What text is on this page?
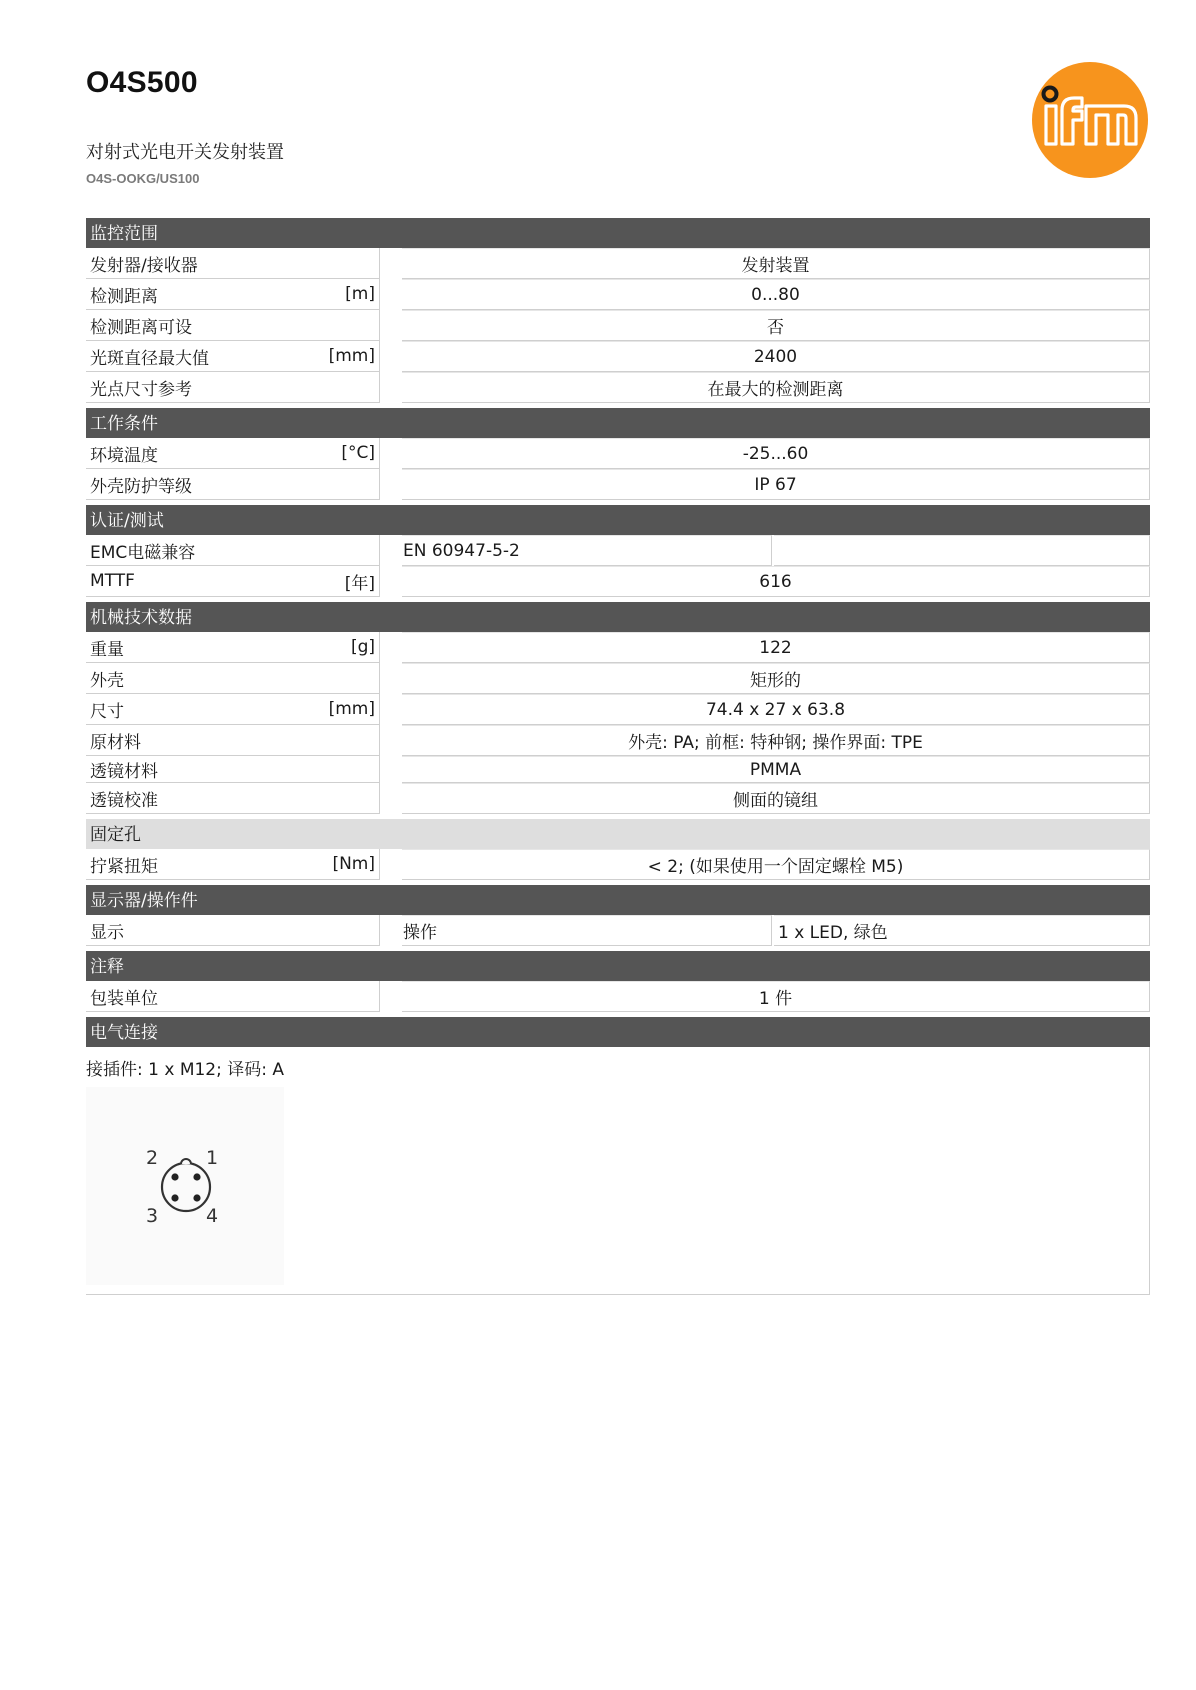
O4S500
对射式光电开关发射装置
O4S-OOKG/US100
监控范围
发射器/接收器	发射装置
检测距离	[m]	0...80
检测距离可设	否
光斑直径最大值	[mm]	2400
光点尺寸参考	在最大的检测距离
工作条件
环境温度	[°C]	-25...60
外壳防护等级	IP 67
认证/测试
EMC电磁兼容	EN 60947-5-2
MTTF	[年]	616
机械技术数据
重量	[g]	122
外壳	矩形的
尺寸	[mm]	74.4 x 27 x 63.8
原材料	外壳: PA; 前框: 特种钢; 操作界面: TPE
透镜材料	PMMA
透镜校准	侧面的镜组
固定孔
拧紧扭矩	[Nm]	< 2; (如果使用一个固定螺栓 M5)
显示器/操作件
显示	操作	1 x LED, 绿色
注释
包装单位	1 件
电气连接
接插件: 1 x M12; 译码: A
2	1
3	4
